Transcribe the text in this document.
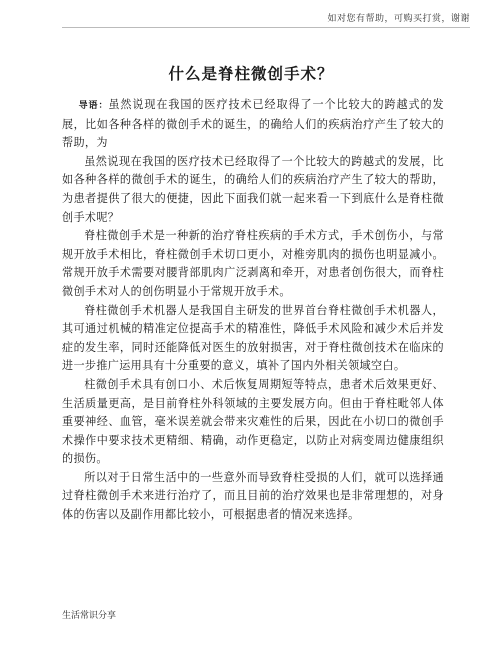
如对您有帮助，可购买打赏，谢谢
什么是脊柱微创手术？

导语：虽然说现在我国的医疗技术已经取得了一个比较大的跨越式的发展，比如各种各样的微创手术的诞生，的确给人们的疾病治疗产生了较大的帮助，为

虽然说现在我国的医疗技术已经取得了一个比较大的跨越式的发展，比如各种各样的微创手术的诞生，的确给人们的疾病治疗产生了较大的帮助，为患者提供了很大的便捷，因此下面我们就一起来看一下到底什么是脊柱微创手术呢？

脊柱微创手术是一种新的治疗脊柱疾病的手术方式，手术创伤小，与常规开放手术相比，脊柱微创手术切口更小，对椎旁肌肉的损伤也明显减小。常规开放手术需要对腰背部肌肉广泛剥离和牵开，对患者创伤很大，而脊柱微创手术对人的创伤明显小于常规开放手术。

脊柱微创手术机器人是我国自主研发的世界首台脊柱微创手术机器人，其可通过机械的精准定位提高手术的精准性，降低手术风险和减少术后并发症的发生率，同时还能降低对医生的放射损害，对于脊柱微创技术在临床的进一步推广运用具有十分重要的意义，填补了国内外相关领域空白。

柱微创手术具有创口小、术后恢复周期短等特点，患者术后效果更好、生活质量更高，是目前脊柱外科领域的主要发展方向。但由于脊柱毗邻人体重要神经、血管，毫米误差就会带来灾难性的后果，因此在小切口的微创手术操作中要求技术更精细、精确，动作更稳定，以防止对病变周边健康组织的损伤。

所以对于日常生活中的一些意外而导致脊柱受损的人们，就可以选择通过脊柱微创手术来进行治疗了，而且目前的治疗效果也是非常理想的，对身体的伤害以及副作用都比较小，可根据患者的情况来选择。

生活常识分享
